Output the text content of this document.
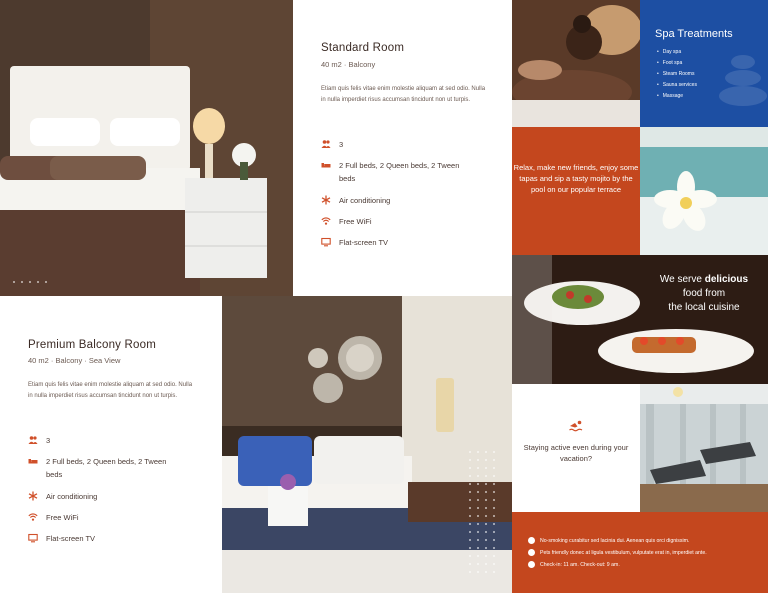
Standard Room
40 m2 · Balcony
Etiam quis felis vitae enim molestie aliquam at sed odio. Nulla in nulla imperdiet risus accumsan tincidunt non ut turpis.
3
2 Full beds, 2 Queen beds, 2 Tween beds
Air conditioning
Free WiFi
Flat-screen TV
Premium Balcony Room
40 m2 · Balcony · Sea View
Etiam quis felis vitae enim molestie aliquam at sed odio. Nulla in nulla imperdiet risus accumsan tincidunt non ut turpis.
3
2 Full beds, 2 Queen beds, 2 Tween beds
Air conditioning
Free WiFi
Flat-screen TV
Spa Treatments
• Day spa
• Foot spa
• Steam Rooms
• Sauna services
• Massage
Relax, make new friends, enjoy some tapas and sip a tasty mojito by the pool on our popular terrace
We serve delicious
food from
the local cuisine
Staying active even during your vacation?
No-smoking curabitur sed lacinia dui. Aenean quis orci dignissim.
Pets friendly donec at ligula vestibulum, vulputate erat in, imperdiet ante.
Check-in: 11 am. Check-out: 9 am.
